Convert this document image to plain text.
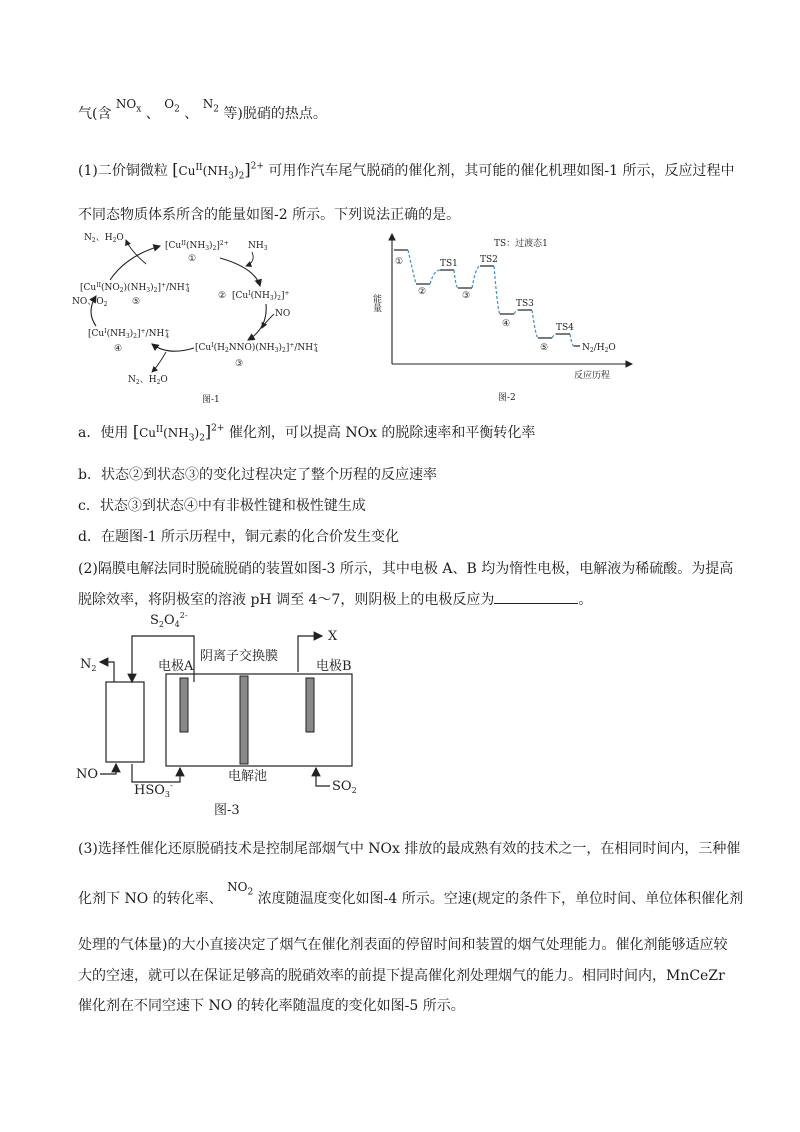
气(含 $NO_x$ 、 $O_2$ 、 $N_2$ 等)脱硝的热点。
(1)二价铜微粒 $[Cu^{II}(NH_3)_2]^{2+}$ 可用作汽车尾气脱硝的催化剂，其可能的催化机理如图-1 所示，反应过程中
不同态物质体系所含的能量如图-2 所示。下列说法正确的是。
$N_2$、$H_2O$
$[Cu^{II}(NH_3)_2]^{2+}$
①
$NH_3$
② $[Cu^I(NH_3)_2]^+$
NO
$[Cu^{II}(NO_2)(NH_3)_2]^+/NH^+$ 4
NO、$O_2$	⑤
$[Cu^I(NH_3)_2]^+/NH^+$ 4
④	$[Cu^I(H_2NNO)(NH_3)_2]^+/NH^+$ 4
③
$N_2$、$H_2O$
图-1
TS：过渡态1
能量
反应历程
①
②	③
④
⑤
TS1 TS2
TS3
TS4
$N_2/H_2O$
图-2
a．使用 $[Cu^{II}(NH_3)_2]^{2+}$ 催化剂，可以提高 NOx 的脱除速率和平衡转化率
b．状态②到状态③的变化过程决定了整个历程的反应速率
c．状态③到状态④中有非极性键和极性键生成
d．在题图-1 所示历程中，铜元素的化合价发生变化
(2)隔膜电解法同时脱硫脱硝的装置如图-3 所示，其中电极 A、B 均为惰性电极，电解液为稀硫酸。为提高
脱除效率，将阴极室的溶液 pH 调至 4～7，则阴极上的电极反应为	。
$S_2O_4^{2-}$
X
$N_2$	电极A
阴离子交换膜
电极B
NO	电解池
$HSO_3^-$	$SO_2$
图-3
(3)选择性催化还原脱硝技术是控制尾部烟气中 NOx 排放的最成熟有效的技术之一，在相同时间内，三种催
化剂下 NO 的转化率、 $NO_2$ 浓度随温度变化如图-4 所示。空速(规定的条件下，单位时间、单位体积催化剂
处理的气体量)的大小直接决定了烟气在催化剂表面的停留时间和装置的烟气处理能力。催化剂能够适应较
大的空速，就可以在保证足够高的脱硝效率的前提下提高催化剂处理烟气的能力。相同时间内，MnCeZr
催化剂在不同空速下 NO 的转化率随温度的变化如图-5 所示。
